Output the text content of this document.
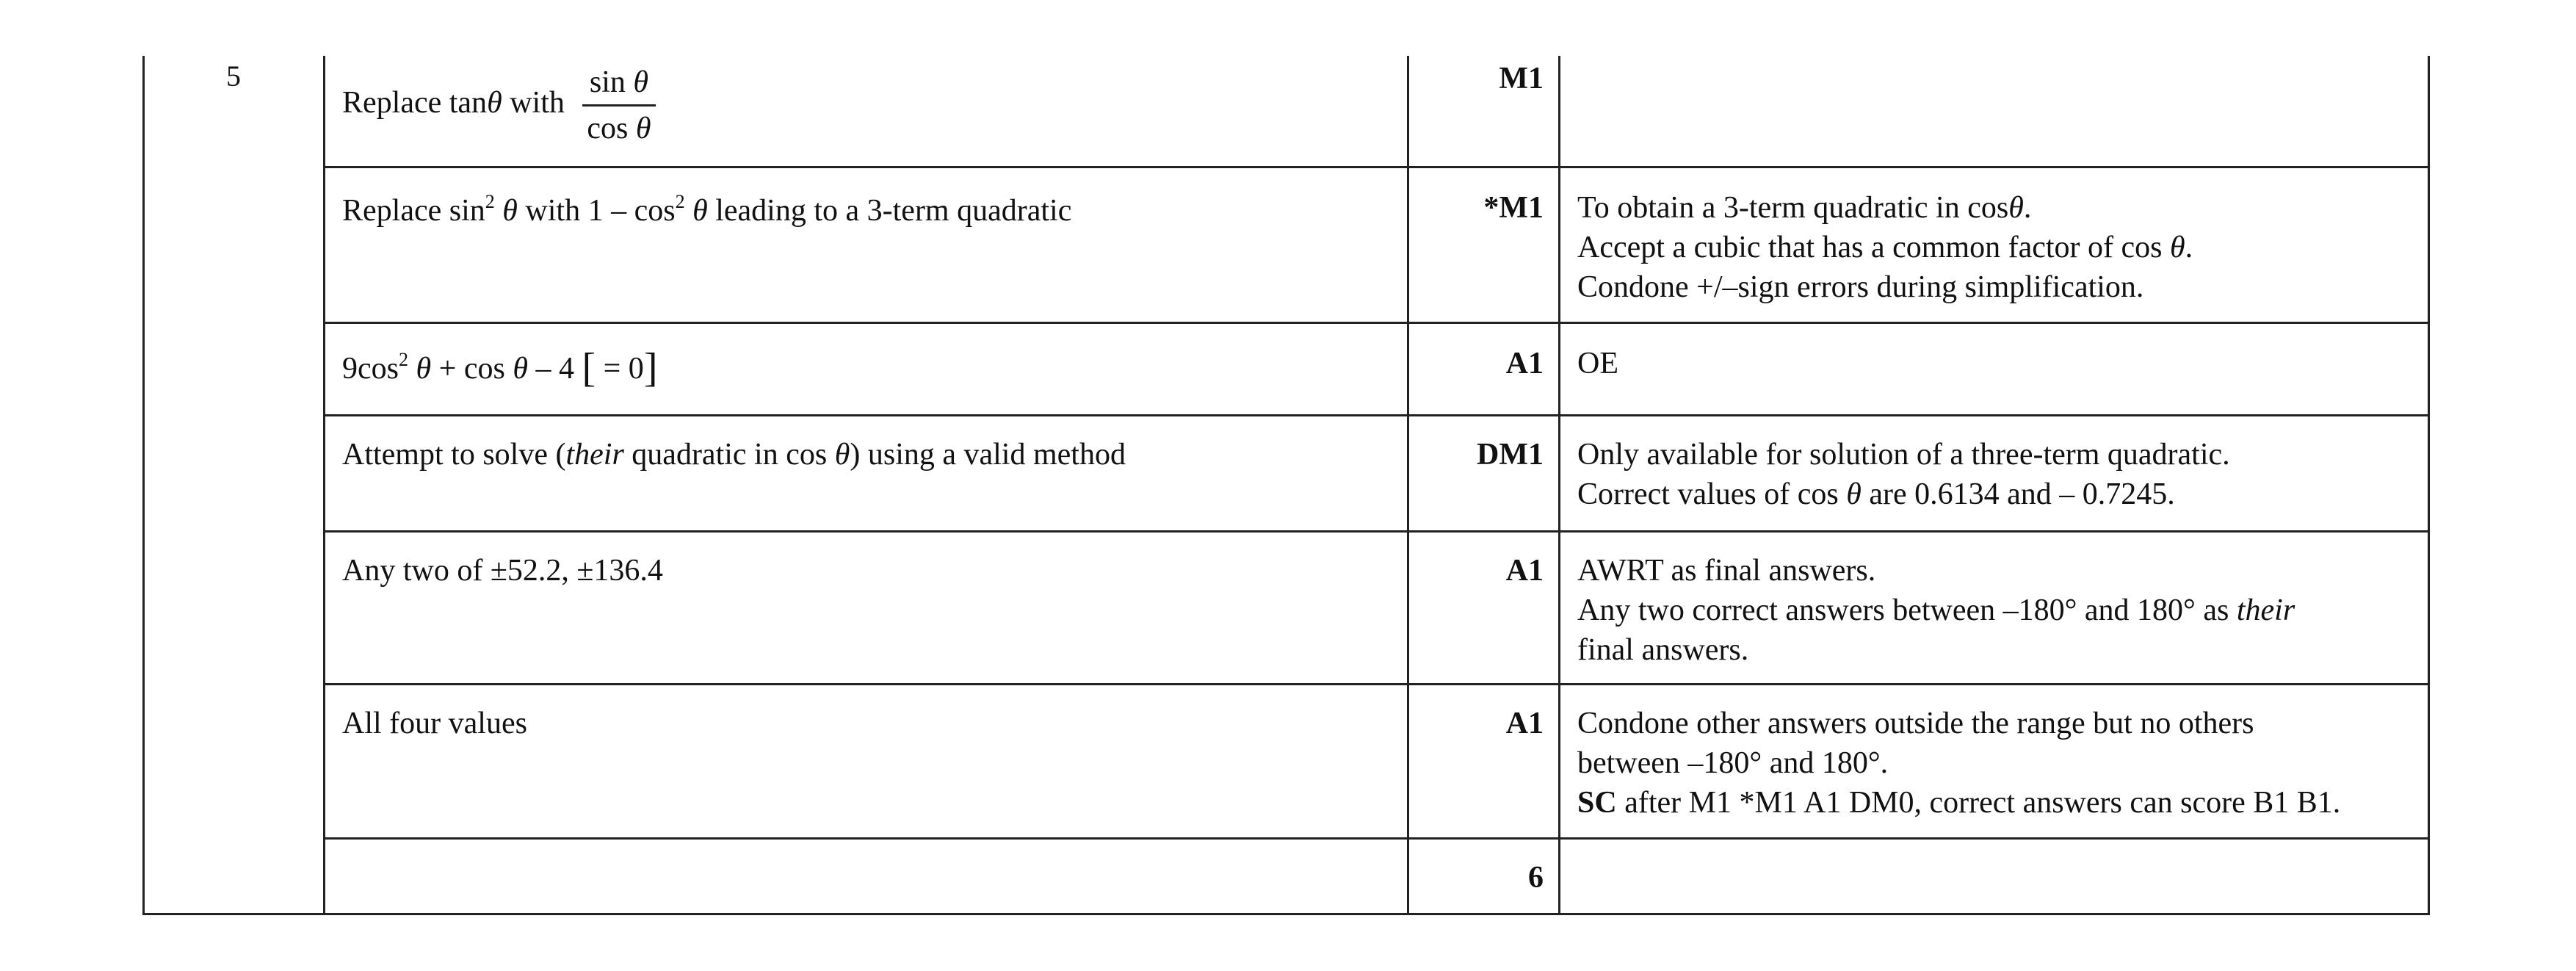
5
Replace tanθ with $\frac{\text{sin θ}}{\text{cos θ}}$	M1
Replace $\sin^2 \theta$ with $1 - \cos^2 \theta$ leading to a 3-term quadratic	*M1 To obtain a 3-term quadratic in cosθ.
Accept a cubic that has a common factor of cos θ.
Condone +/–sign errors during simplification.
$9\cos^2$ θ + cos θ – 4 [ = 0]	A1 OE
Attempt to solve (their quadratic in cos θ) using a valid method	DM1 Only available for solution of a three-term quadratic.
Correct values of cos θ are 0.6134 and – 0.7245.
Any two of ±52.2, ±136.4	A1 AWRT as final answers.
Any two correct answers between –180° and 180° as their
final answers.
All four values	A1 Condone other answers outside the range but no others
between –180° and 180°.
SC after M1 *M1 A1 DM0, correct answers can score B1 B1.
6
